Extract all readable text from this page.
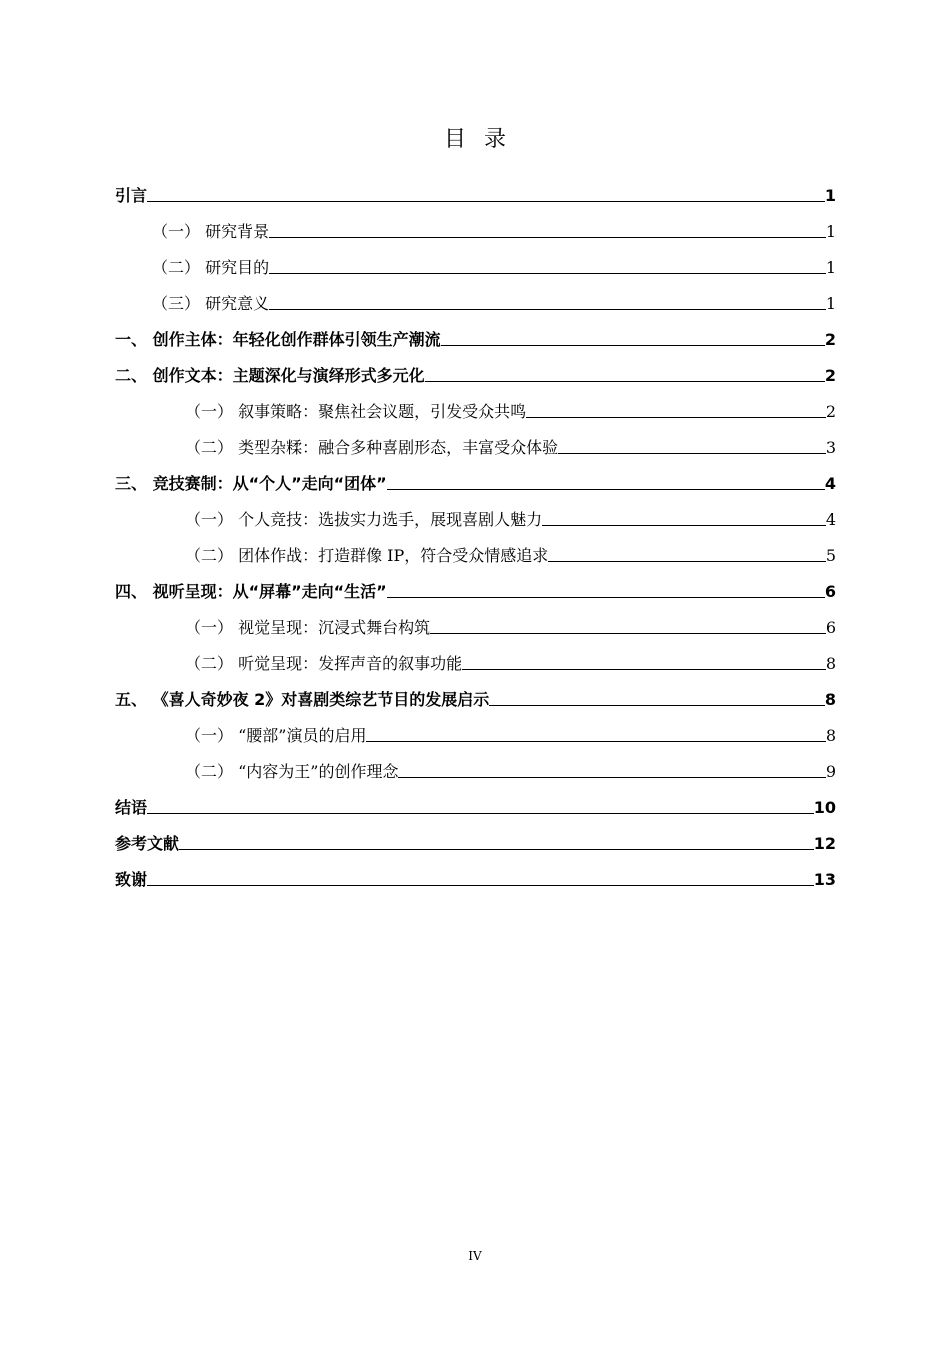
目录
引言	1
（一） 研究背景	1
（二） 研究目的	1
（三） 研究意义	1
一、 创作主体：年轻化创作群体引领生产潮流	2
二、 创作文本：主题深化与演绎形式多元化	2
（一） 叙事策略：聚焦社会议题，引发受众共鸣	2
（二） 类型杂糅：融合多种喜剧形态，丰富受众体验	3
三、 竞技赛制：从“个人”走向“团体”	4
（一） 个人竞技：选拔实力选手，展现喜剧人魅力	4
（二） 团体作战：打造群像 IP，符合受众情感追求	5
四、 视听呈现：从“屏幕”走向“生活”	6
（一） 视觉呈现：沉浸式舞台构筑	6
（二） 听觉呈现：发挥声音的叙事功能	8
五、 《喜人奇妙夜 2》对喜剧类综艺节目的发展启示	8
（一） “腰部”演员的启用	8
（二） “内容为王”的创作理念	9
结语	10
参考文献	12
致谢	13
IV
